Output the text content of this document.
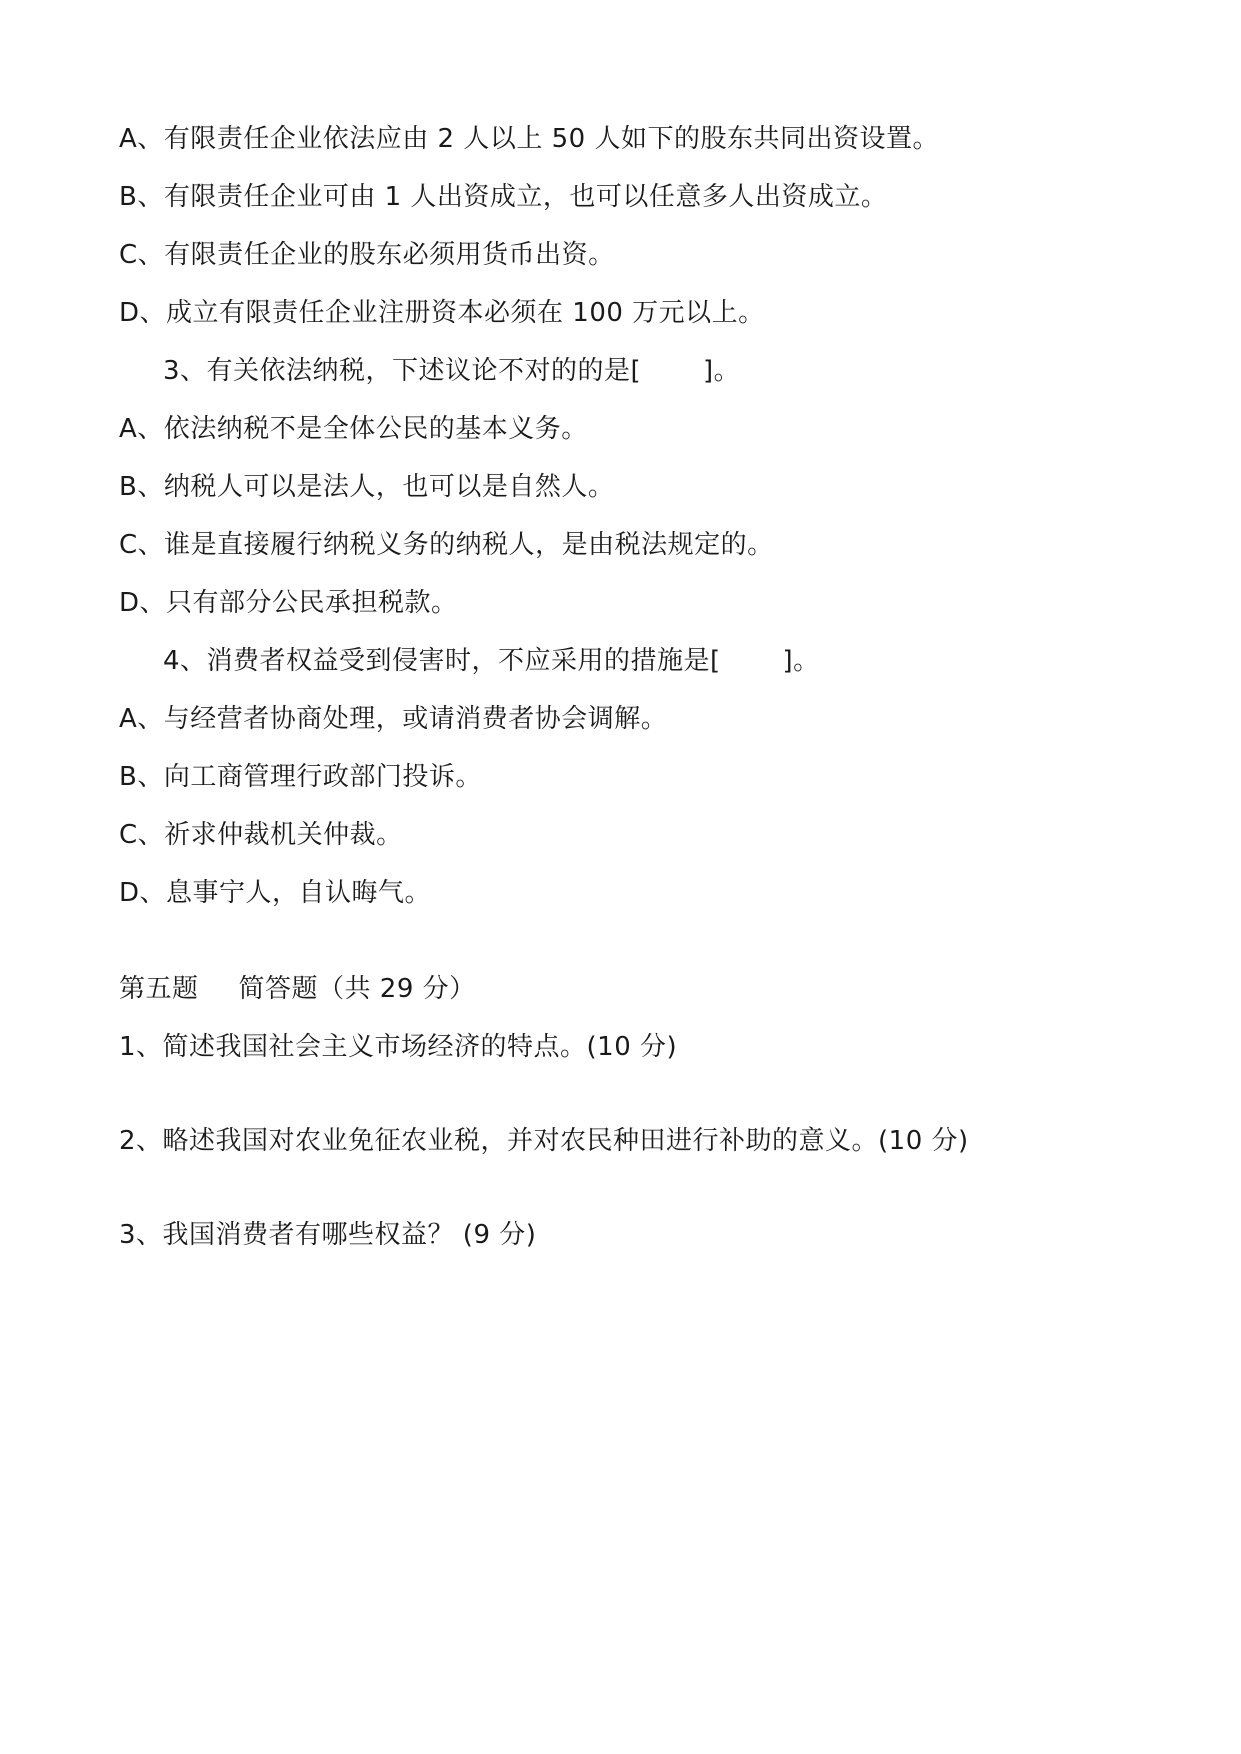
A、有限责任企业依法应由 2 人以上 50 人如下的股东共同出资设置。
B、有限责任企业可由 1 人出资成立，也可以任意多人出资成立。
C、有限责任企业的股东必须用货币出资。
D、成立有限责任企业注册资本必须在 100 万元以上。
3、有关依法纳税，下述议论不对的的是[　　 ]。
A、依法纳税不是全体公民的基本义务。
B、纳税人可以是法人，也可以是自然人。
C、谁是直接履行纳税义务的纳税人，是由税法规定的。
D、只有部分公民承担税款。
4、消费者权益受到侵害时，不应采用的措施是[　　 ]。
A、与经营者协商处理，或请消费者协会调解。
B、向工商管理行政部门投诉。
C、祈求仲裁机关仲裁。
D、息事宁人，自认晦气。
第五题 简答题（共 29 分）
1、简述我国社会主义市场经济的特点。(10 分)
2、略述我国对农业免征农业税，并对农民种田进行补助的意义。(10 分)
3、我国消费者有哪些权益？ (9 分)
